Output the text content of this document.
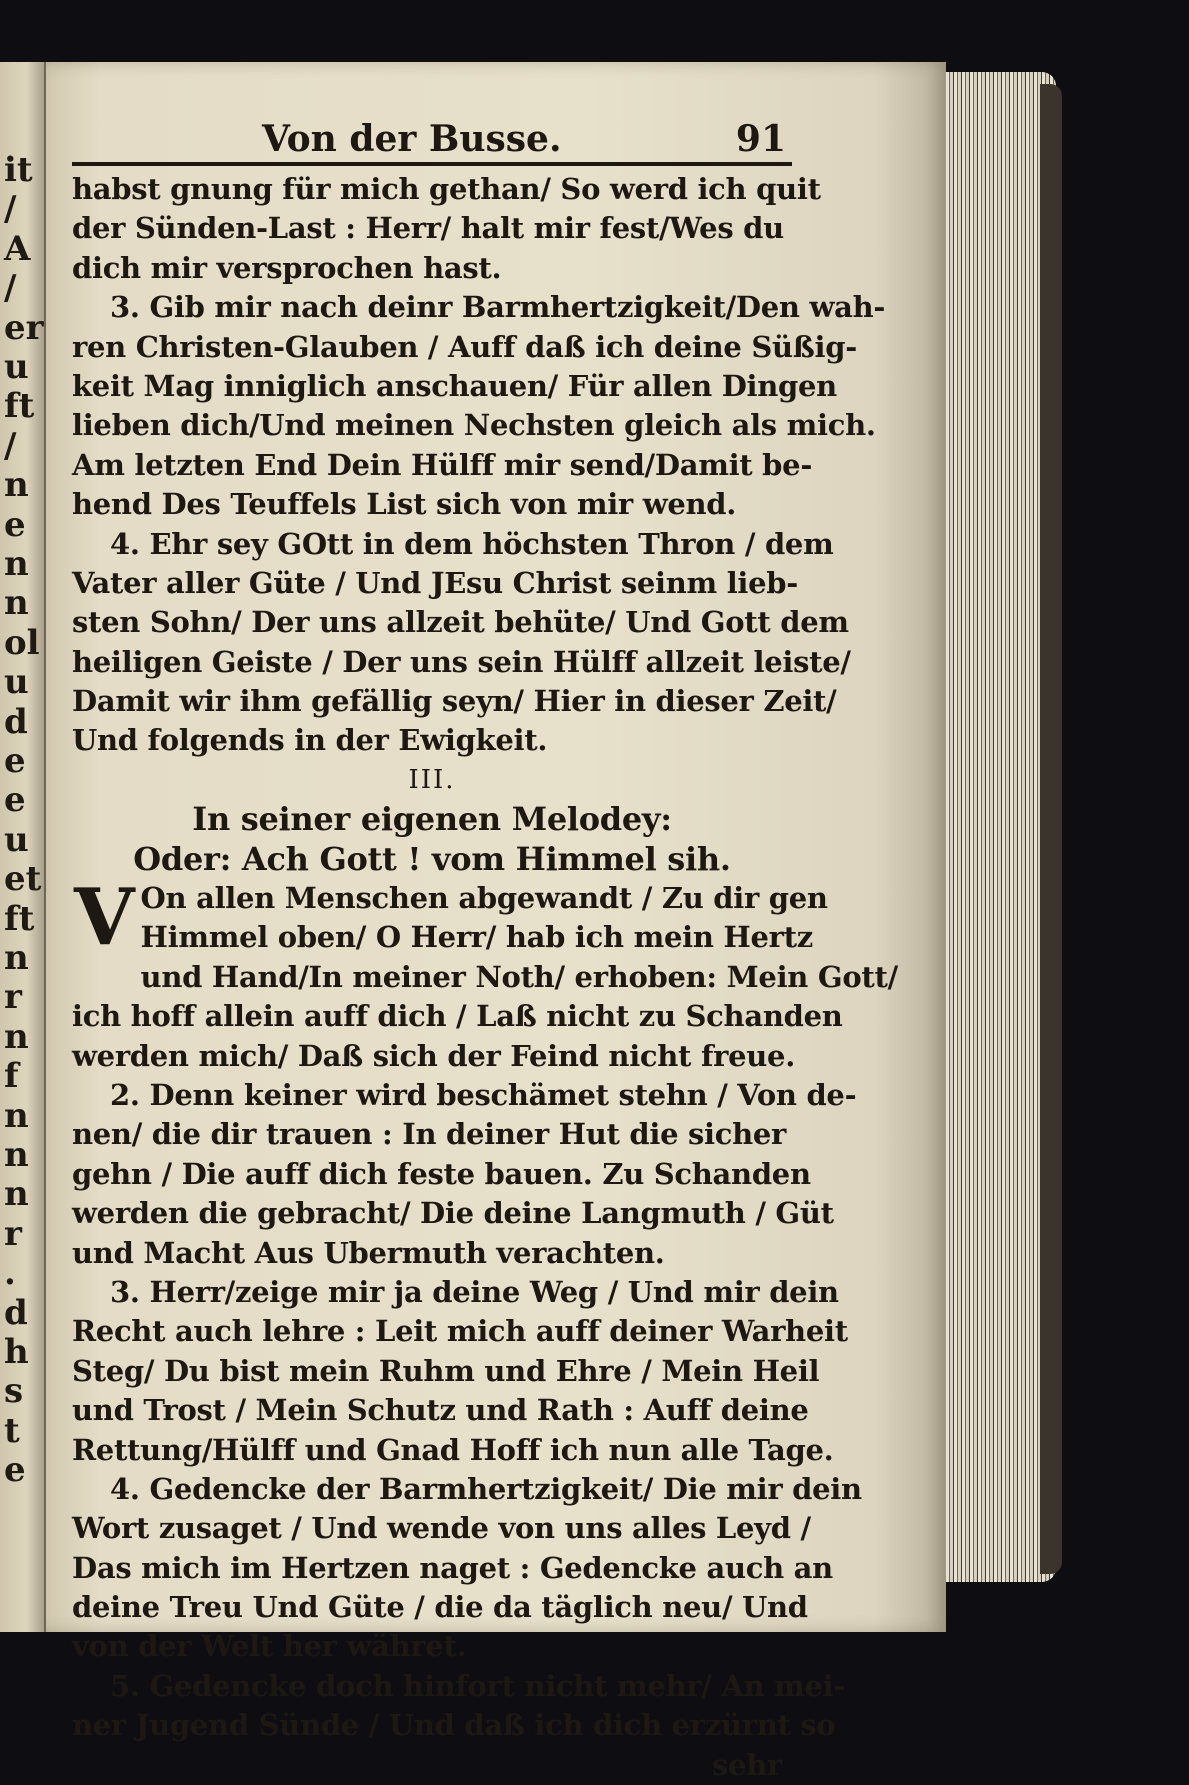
it
/
A
/
er
u
ft
/
n
e
n
n
ol
u
d
e
e
u
et
ft
n
r
n
f
n
n
n
r
.
d
h
s
t
e
Von der Busse.	91
habst gnung für mich gethan/ So werd ich quit
der Sünden-Last : Herr/ halt mir fest/Wes du
dich mir versprochen hast.
3. Gib mir nach deinr Barmhertzigkeit/Den wah-
ren Christen-Glauben / Auff daß ich deine Süßig-
keit Mag inniglich anschauen/ Für allen Dingen
lieben dich/Und meinen Nechsten gleich als mich.
Am letzten End Dein Hülff mir send/Damit be-
hend Des Teuffels List sich von mir wend.
4. Ehr sey GOtt in dem höchsten Thron / dem
Vater aller Güte / Und JEsu Christ seinm lieb-
sten Sohn/ Der uns allzeit behüte/ Und Gott dem
heiligen Geiste / Der uns sein Hülff allzeit leiste/
Damit wir ihm gefällig seyn/ Hier in dieser Zeit/
Und folgends in der Ewigkeit.
III.
In seiner eigenen Melodey:
Oder: Ach Gott ! vom Himmel sih.
V On allen Menschen abgewandt / Zu dir gen
Himmel oben/ O Herr/ hab ich mein Hertz
und Hand/In meiner Noth/ erhoben: Mein Gott/
ich hoff allein auff dich / Laß nicht zu Schanden
werden mich/ Daß sich der Feind nicht freue.
2. Denn keiner wird beschämet stehn / Von de-
nen/ die dir trauen : In deiner Hut die sicher
gehn / Die auff dich feste bauen. Zu Schanden
werden die gebracht/ Die deine Langmuth / Güt
und Macht Aus Ubermuth verachten.
3. Herr/zeige mir ja deine Weg / Und mir dein
Recht auch lehre : Leit mich auff deiner Warheit
Steg/ Du bist mein Ruhm und Ehre / Mein Heil
und Trost / Mein Schutz und Rath : Auff deine
Rettung/Hülff und Gnad Hoff ich nun alle Tage.
4. Gedencke der Barmhertzigkeit/ Die mir dein
Wort zusaget / Und wende von uns alles Leyd /
Das mich im Hertzen naget : Gedencke auch an
deine Treu Und Güte / die da täglich neu/ Und
von der Welt her währet.
5. Gedencke doch hinfort nicht mehr/ An mei-
ner Jugend Sünde / Und daß ich dich erzürnt so
sehr
